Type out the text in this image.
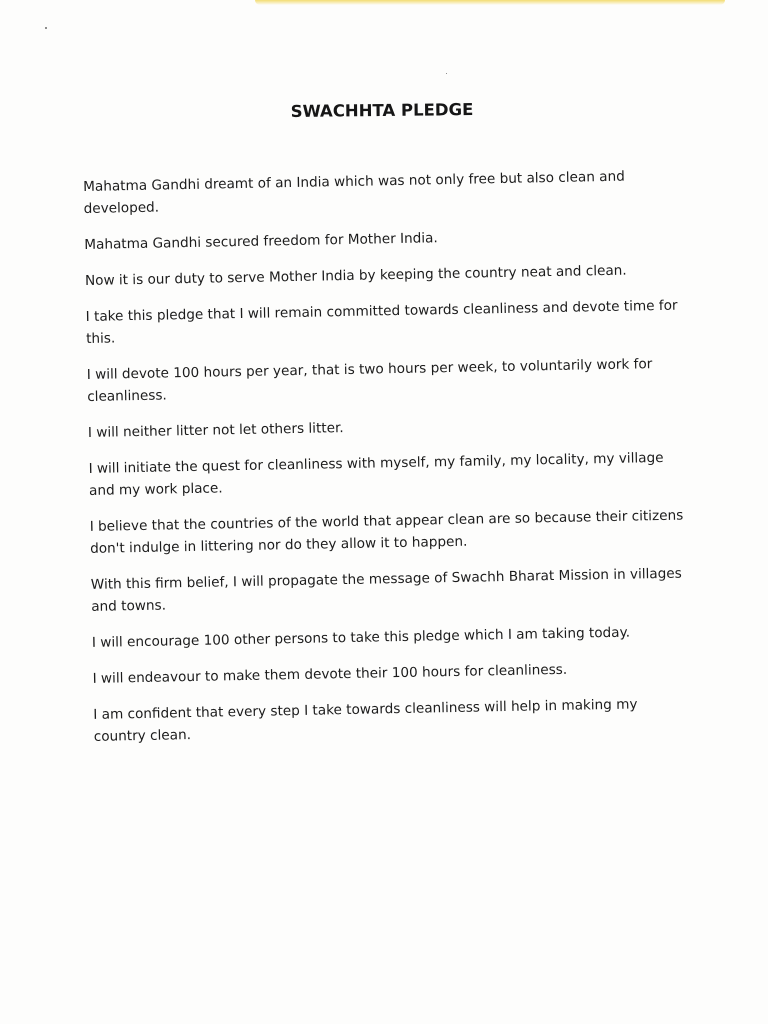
SWACHHTA PLEDGE

Mahatma Gandhi dreamt of an India which was not only free but also clean and developed.

Mahatma Gandhi secured freedom for Mother India.

Now it is our duty to serve Mother India by keeping the country neat and clean.

I take this pledge that I will remain committed towards cleanliness and devote time for this.

I will devote 100 hours per year, that is two hours per week, to voluntarily work for cleanliness.

I will neither litter not let others litter.

I will initiate the quest for cleanliness with myself, my family, my locality, my village and my work place.

I believe that the countries of the world that appear clean are so because their citizens don't indulge in littering nor do they allow it to happen.

With this firm belief, I will propagate the message of Swachh Bharat Mission in villages and towns.

I will encourage 100 other persons to take this pledge which I am taking today.

I will endeavour to make them devote their 100 hours for cleanliness.

I am confident that every step I take towards cleanliness will help in making my country clean.
